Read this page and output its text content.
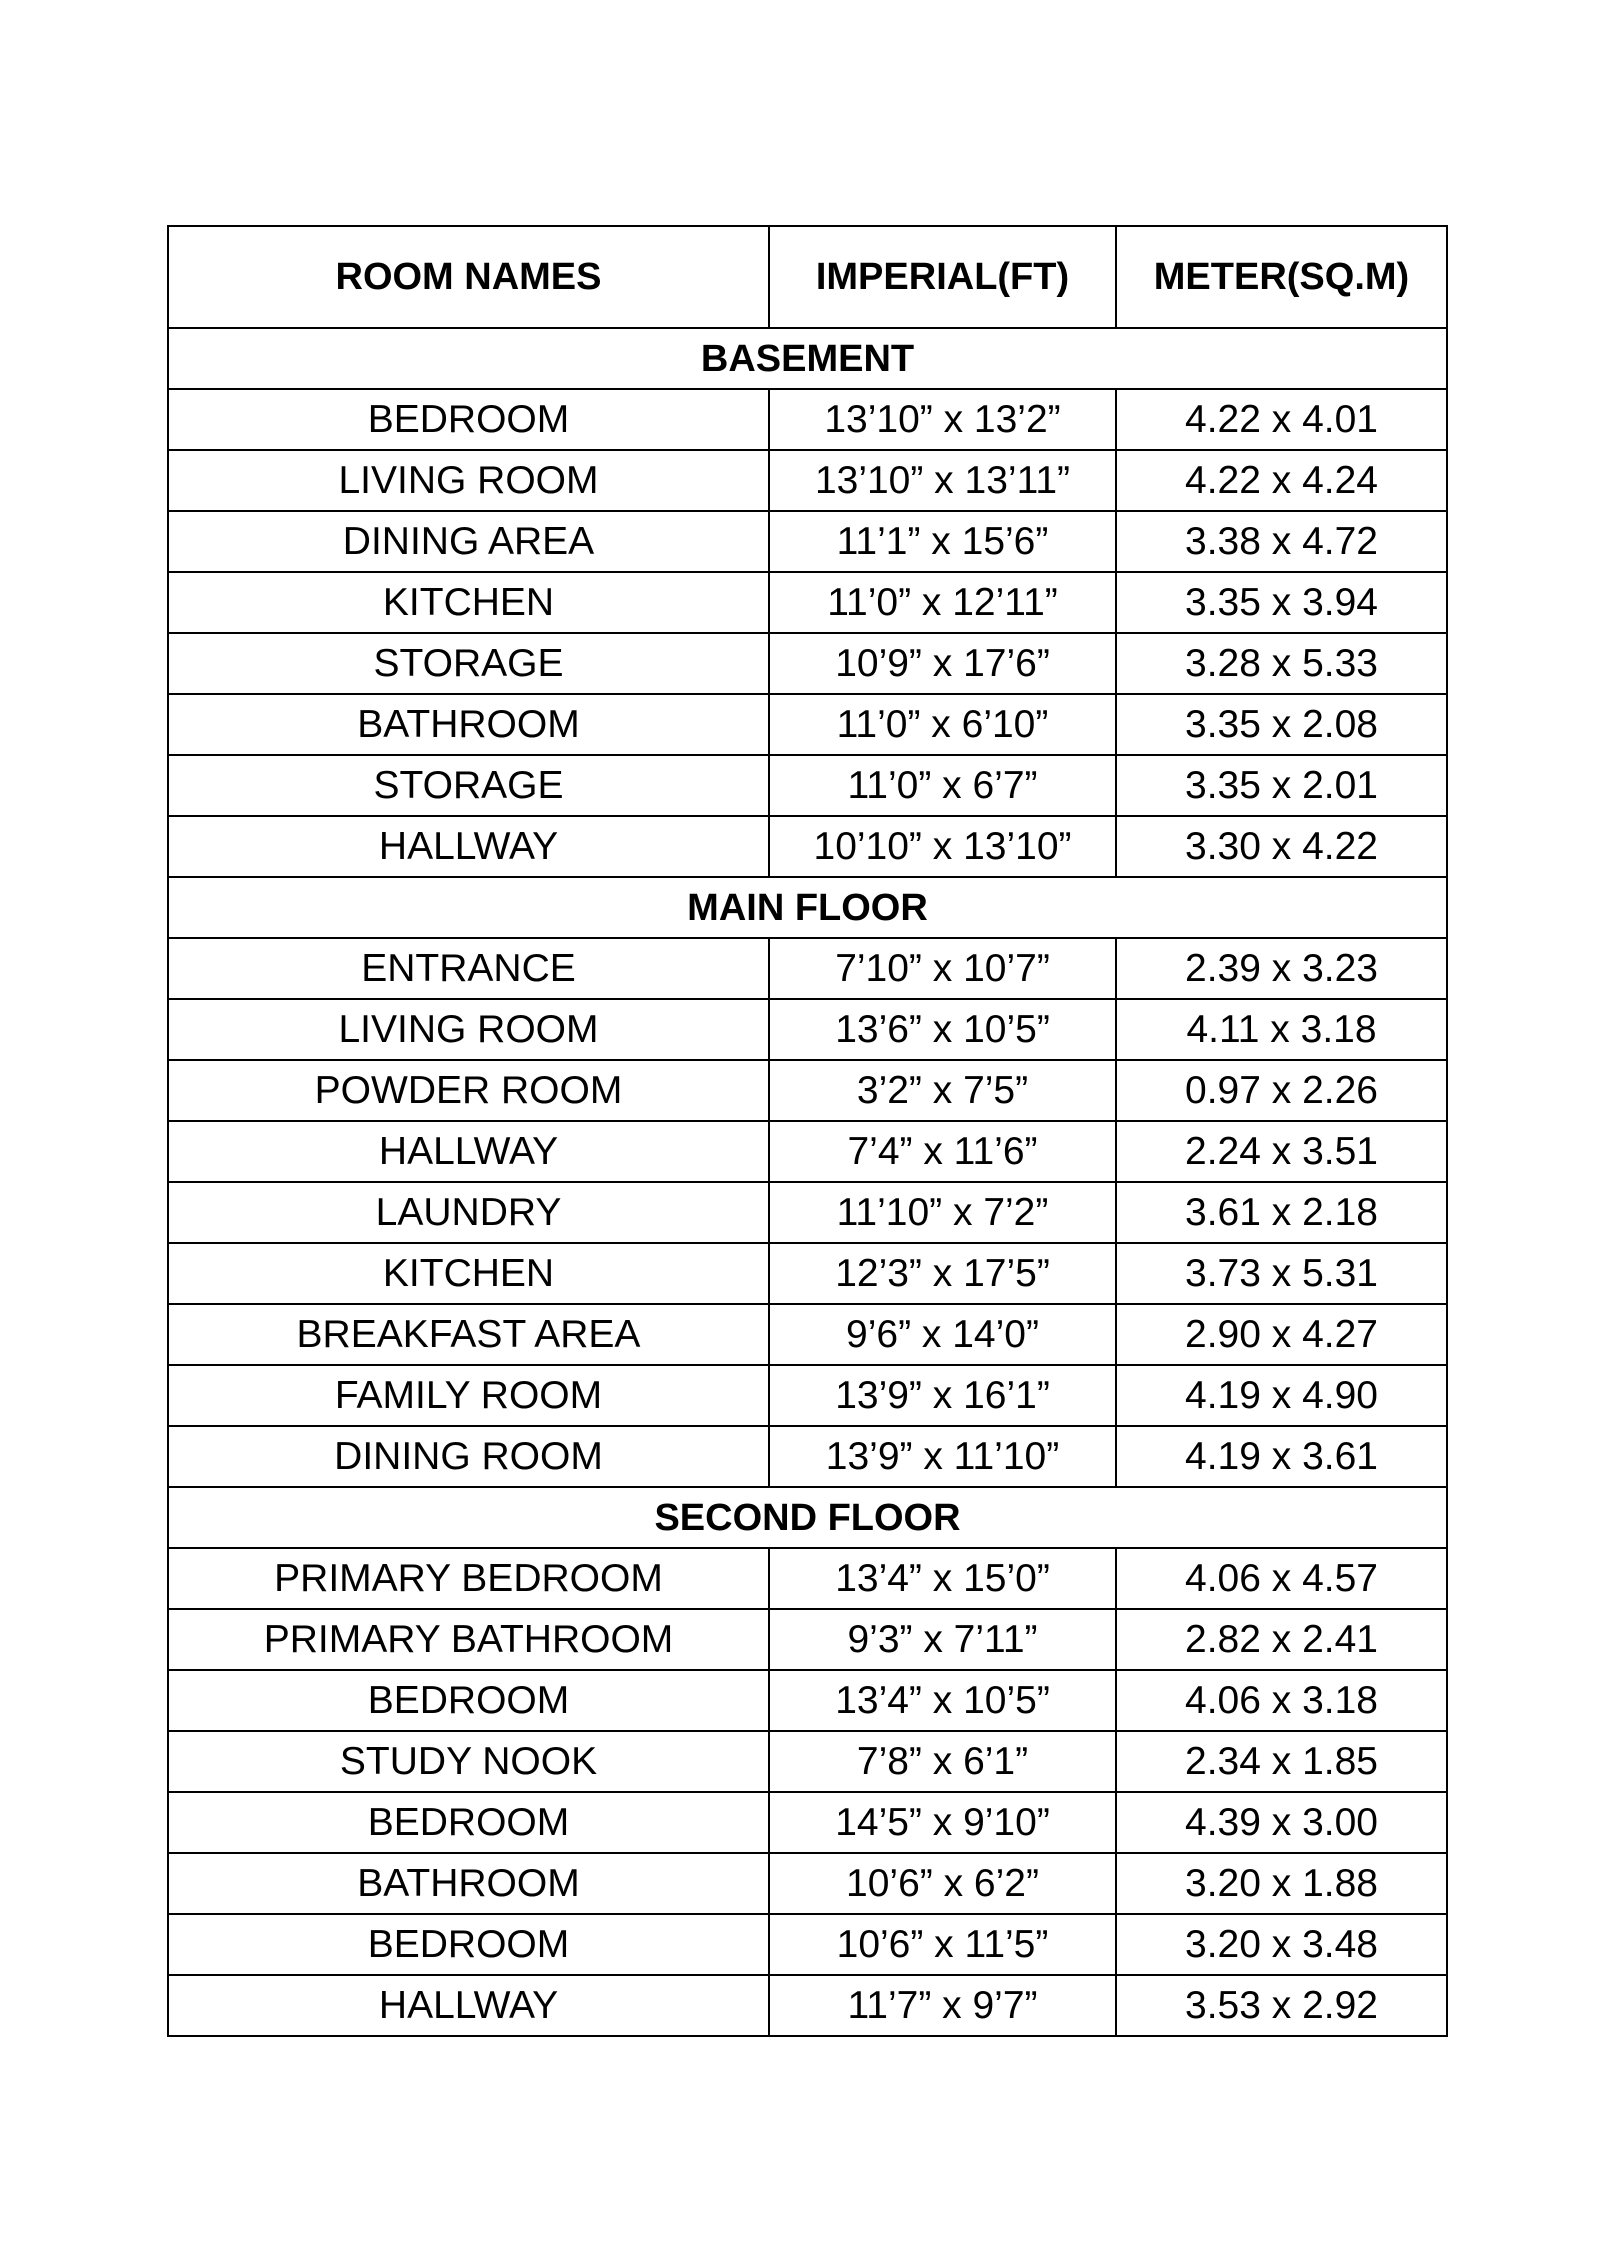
ROOM NAMES	IMPERIAL(FT)	METER(SQ.M)
BASEMENT		
BEDROOM	13’10” x 13’2”	4.22 x 4.01
LIVING ROOM	13’10” x 13’11”	4.22 x 4.24
DINING AREA	11’1” x 15’6”	3.38 x 4.72
KITCHEN	11’0” x 12’11”	3.35 x 3.94
STORAGE	10’9” x 17’6”	3.28 x 5.33
BATHROOM	11’0” x 6’10”	3.35 x 2.08
STORAGE	11’0” x 6’7”	3.35 x 2.01
HALLWAY	10’10” x 13’10”	3.30 x 4.22
MAIN FLOOR		
ENTRANCE	7’10” x 10’7”	2.39 x 3.23
LIVING ROOM	13’6” x 10’5”	4.11 x 3.18
POWDER ROOM	3’2” x 7’5”	0.97 x 2.26
HALLWAY	7’4” x 11’6”	2.24 x 3.51
LAUNDRY	11’10” x 7’2”	3.61 x 2.18
KITCHEN	12’3” x 17’5”	3.73 x 5.31
BREAKFAST AREA	9’6” x 14’0”	2.90 x 4.27
FAMILY ROOM	13’9” x 16’1”	4.19 x 4.90
DINING ROOM	13’9” x 11’10”	4.19 x 3.61
SECOND FLOOR		
PRIMARY BEDROOM	13’4” x 15’0”	4.06 x 4.57
PRIMARY BATHROOM	9’3” x 7’11”	2.82 x 2.41
BEDROOM	13’4” x 10’5”	4.06 x 3.18
STUDY NOOK	7’8” x 6’1”	2.34 x 1.85
BEDROOM	14’5” x 9’10”	4.39 x 3.00
BATHROOM	10’6” x 6’2”	3.20 x 1.88
BEDROOM	10’6” x 11’5”	3.20 x 3.48
HALLWAY	11’7” x 9’7”	3.53 x 2.92
